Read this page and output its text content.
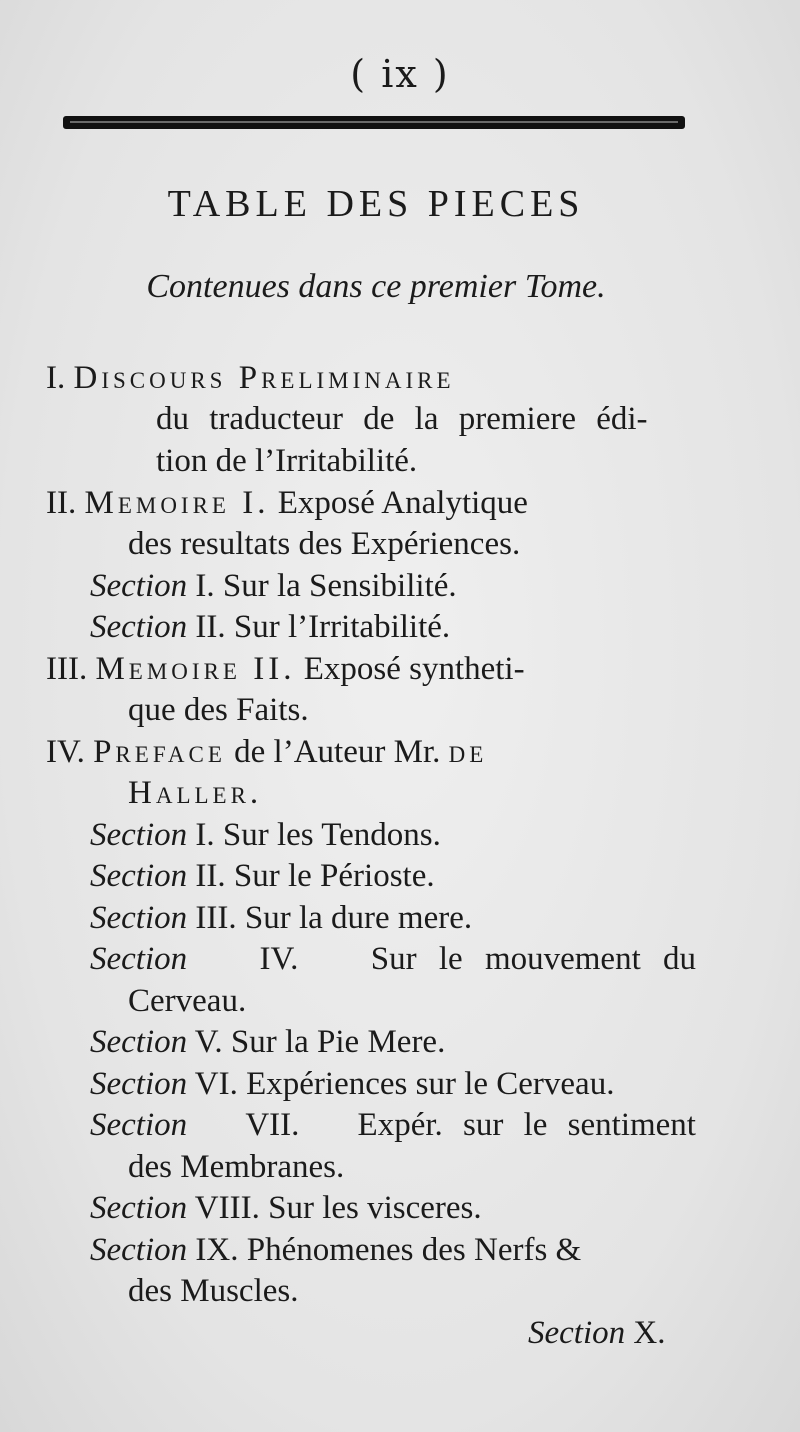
( ix )
TABLE DES PIECES
Contenues dans ce premier Tome.
I. Discours Preliminaire
du traducteur de la premiere édi-
tion de l’Irritabilité.
II. Memoire I. Exposé Analytique
des resultats des Expériences.
Section I. Sur la Sensibilité.
Section II. Sur l’Irritabilité.
III. Memoire II. Exposé syntheti-
que des Faits.
IV. Preface de l’Auteur Mr. de
Haller.
Section I. Sur les Tendons.
Section II. Sur le Périoste.
Section III. Sur la dure mere.
Section IV. Sur le mouvement du
Cerveau.
Section V. Sur la Pie Mere.
Section VI. Expériences sur le Cerveau.
Section VII. Expér. sur le sentiment
des Membranes.
Section VIII. Sur les visceres.
Section IX. Phénomenes des Nerfs &
des Muscles.
Section X.
